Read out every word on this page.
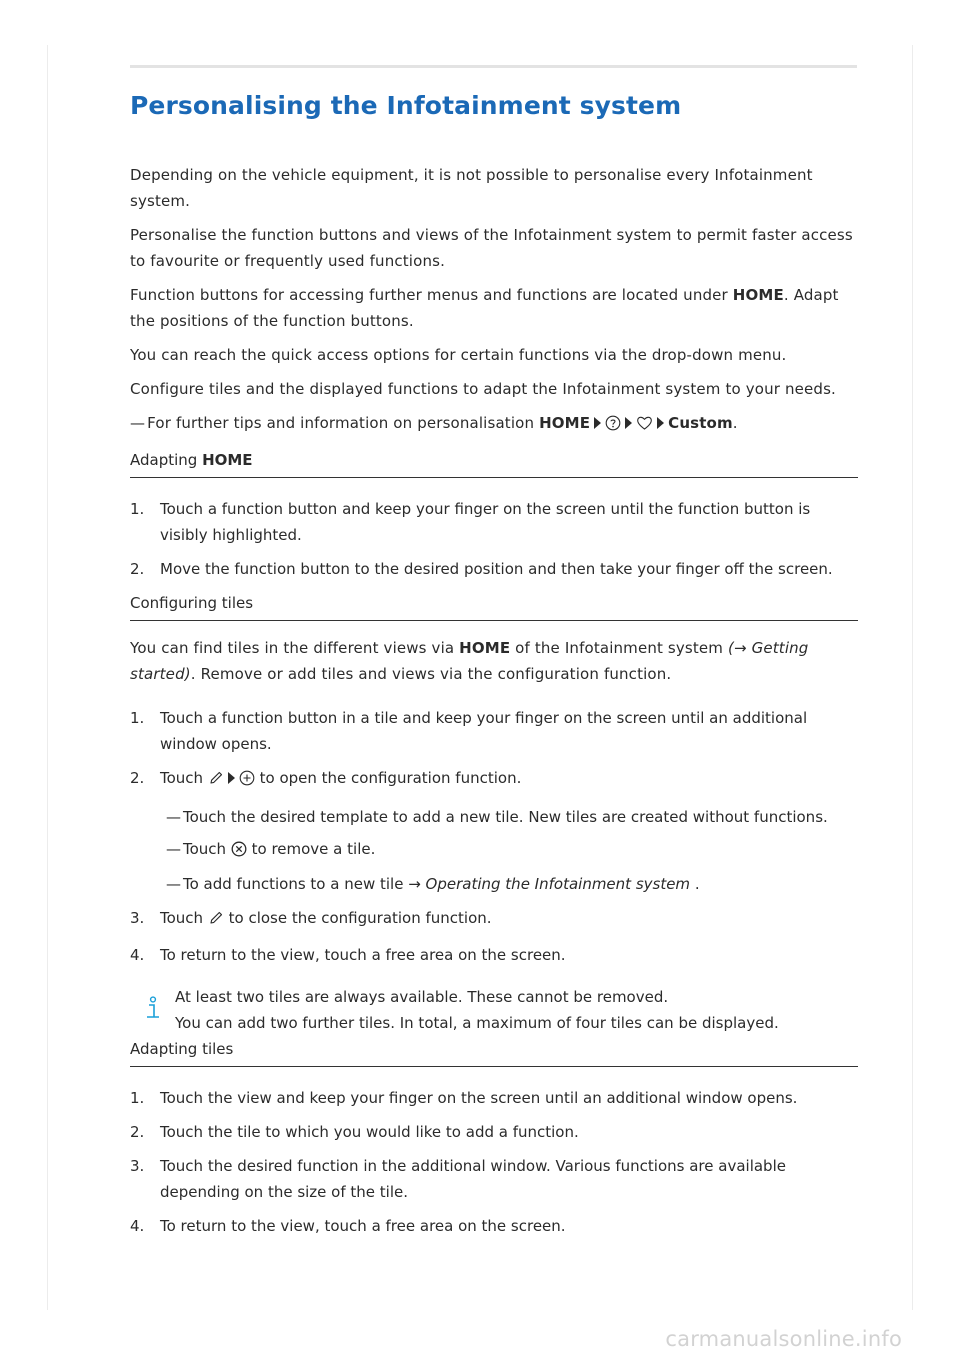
Personalising the Infotainment system

Depending on the vehicle equipment, it is not possible to personalise every Infotainment system.

Personalise the function buttons and views of the Infotainment system to permit faster access to favourite or frequently used functions.

Function buttons for accessing further menus and functions are located under HOME. Adapt the positions of the function buttons.

You can reach the quick access options for certain functions via the drop-down menu.

Configure tiles and the displayed functions to adapt the Infotainment system to your needs.

— For further tips and information on personalisation HOME	Custom.

Adapting HOME
1. Touch a function button and keep your finger on the screen until the function button is visibly highlighted.
2. Move the function button to the desired position and then take your finger off the screen.
Configuring tiles

You can find tiles in the different views via HOME of the Infotainment system (→ Getting started). Remove or add tiles and views via the configuration function.

1. Touch a function button in a tile and keep your finger on the screen until an additional window opens.
2. Touch	to open the configuration function.
— Touch the desired template to add a new tile. New tiles are created without functions.
— Touch to remove a tile.
— To add functions to a new tile → Operating the Infotainment system .
3. Touch to close the configuration function.
4. To return to the view, touch a free area on the screen.
At least two tiles are always available. These cannot be removed.
You can add two further tiles. In total, a maximum of four tiles can be displayed.
Adapting tiles
1. Touch the view and keep your finger on the screen until an additional window opens.
2. Touch the tile to which you would like to add a function.
3. Touch the desired function in the additional window. Various functions are available depending on the size of the tile.
4. To return to the view, touch a free area on the screen.
carmanualsonline.info
